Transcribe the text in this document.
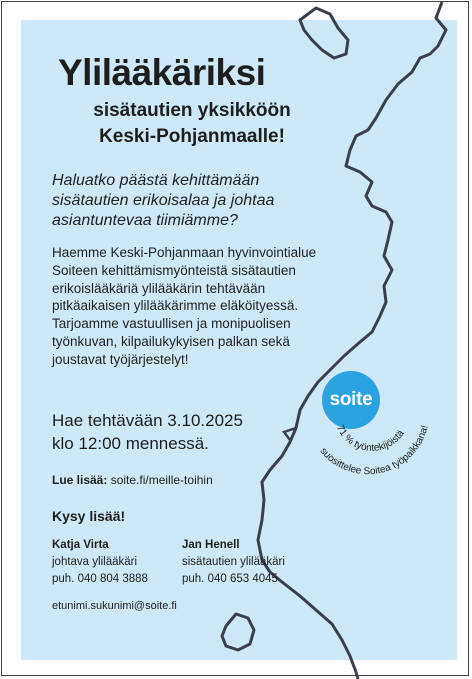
Ylilääkäriksi
sisätautien yksikköön
Keski-Pohjanmaalle!
Haluatko päästä kehittämään sisätautien erikoisalaa ja johtaa asiantuntevaa tiimiämme?
Haemme Keski-Pohjanmaan hyvinvointialue Soiteen kehittämismyönteistä sisätautien erikoislääkäriä ylilääkärin tehtävään pitkäaikaisen ylilääkärimme eläköityessä. Tarjoamme vastuullisen ja monipuolisen työnkuvan, kilpailukykyisen palkan sekä joustavat työjärjestelyt!
Hae tehtävään 3.10.2025
klo 12:00 mennessä.
Lue lisää: soite.fi/meille-toihin
Kysy lisää!
Katja Virta
johtava ylilääkäri
puh. 040 804 3888
Jan Henell
sisätautien ylilääkäri
puh. 040 653 4045
etunimi.sukunimi@soite.fi
soite
71 % työntekijöistä
suosittelee Soitea työpaikkana!
